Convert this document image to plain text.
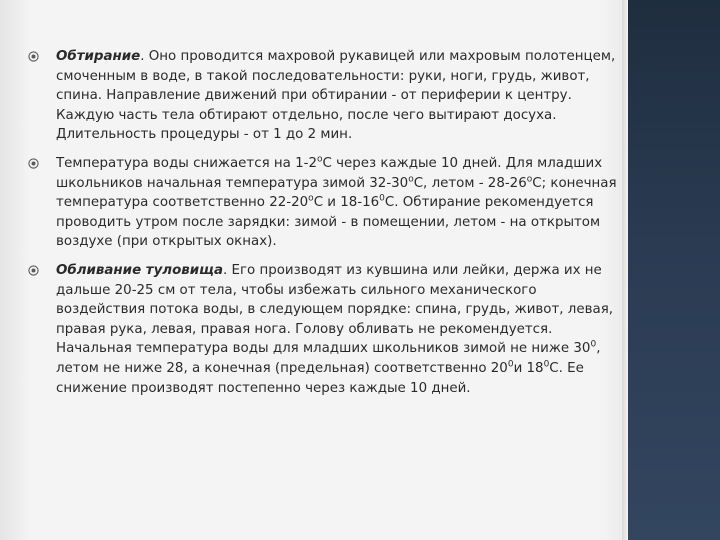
Обтирание. Оно проводится махровой рукавицей или махровым полотенцем, смоченным в воде, в такой последовательности: руки, ноги, грудь, живот, спина. Направление движений при обтирании - от периферии к центру. Каждую часть тела обтирают отдельно, после чего вытирают досуха. Длительность процедуры - от 1 до 2 мин.
Температура воды снижается на $1-2^оС$ через каждые 10 дней. Для младших школьников начальная температура зимой $32-30^оС$, летом - $28-26^оС$; конечная температура соответственно $22-20^оС$ и $18-16^0С$. Обтирание рекомендуется проводить утром после зарядки: зимой - в помещении, летом - на открытом воздухе (при открытых окнах).
Обливание туловища. Его производят из кувшина или лейки, держа их не дальше 20-25 см от тела, чтобы избежать сильного механического воздействия потока воды, в следующем порядке: спина, грудь, живот, левая, правая рука, левая, правая нога. Голову обливать не рекомендуется. Начальная температура воды для младших школьников зимой не ниже $30^0$, летом не ниже 28, а конечная (предельная) соответственно $20^0и$ $18^0С$. Ее снижение производят постепенно через каждые 10 дней.
